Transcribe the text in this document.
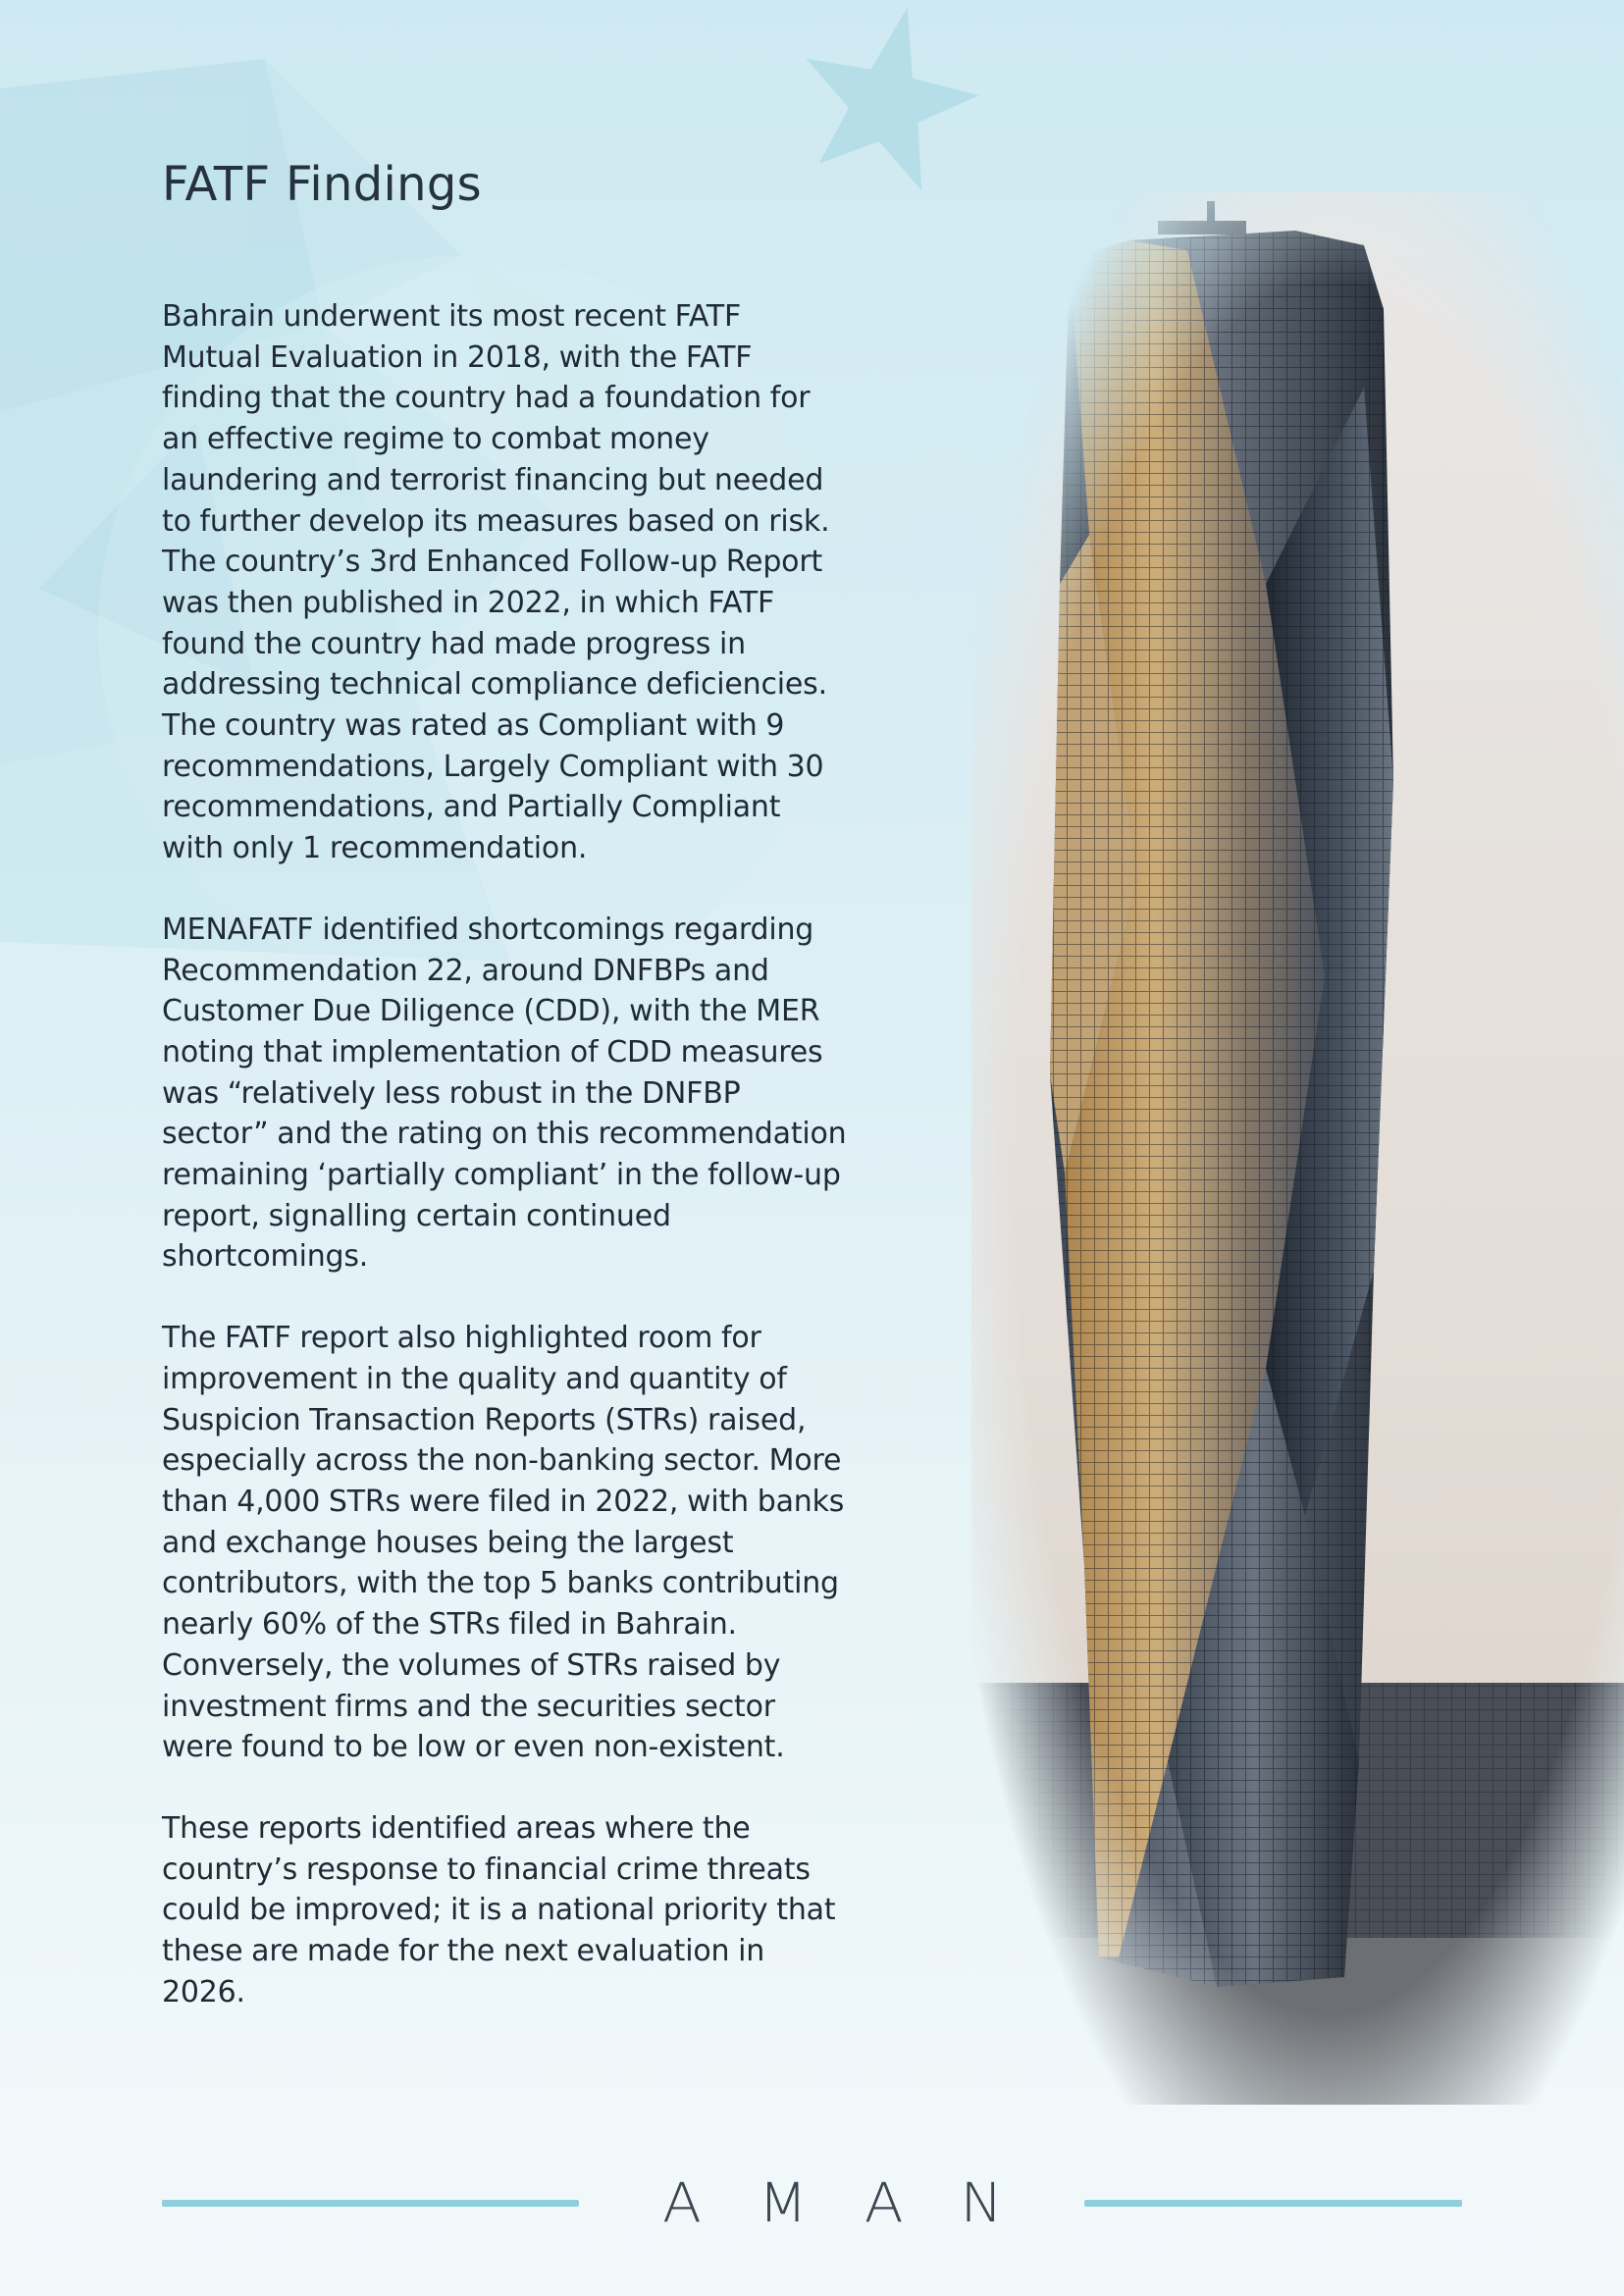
FATF Findings

Bahrain underwent its most recent FATF Mutual Evaluation in 2018, with the FATF finding that the country had a foundation for an effective regime to combat money laundering and terrorist financing but needed to further develop its measures based on risk. The country’s 3rd Enhanced Follow-up Report was then published in 2022, in which FATF found the country had made progress in addressing technical compliance deficiencies. The country was rated as Compliant with 9 recommendations, Largely Compliant with 30 recommendations, and Partially Compliant with only 1 recommendation.

MENAFATF identified shortcomings regarding Recommendation 22, around DNFBPs and Customer Due Diligence (CDD), with the MER noting that implementation of CDD measures was “relatively less robust in the DNFBP sector” and the rating on this recommendation remaining ‘partially compliant’ in the follow-up report, signalling certain continued shortcomings.

The FATF report also highlighted room for improvement in the quality and quantity of Suspicion Transaction Reports (STRs) raised, especially across the non-banking sector. More than 4,000 STRs were filed in 2022, with banks and exchange houses being the largest contributors, with the top 5 banks contributing nearly 60% of the STRs filed in Bahrain. Conversely, the volumes of STRs raised by investment firms and the securities sector were found to be low or even non-existent.

These reports identified areas where the country’s response to financial crime threats could be improved; it is a national priority that these are made for the next evaluation in 2026.

AMAN
